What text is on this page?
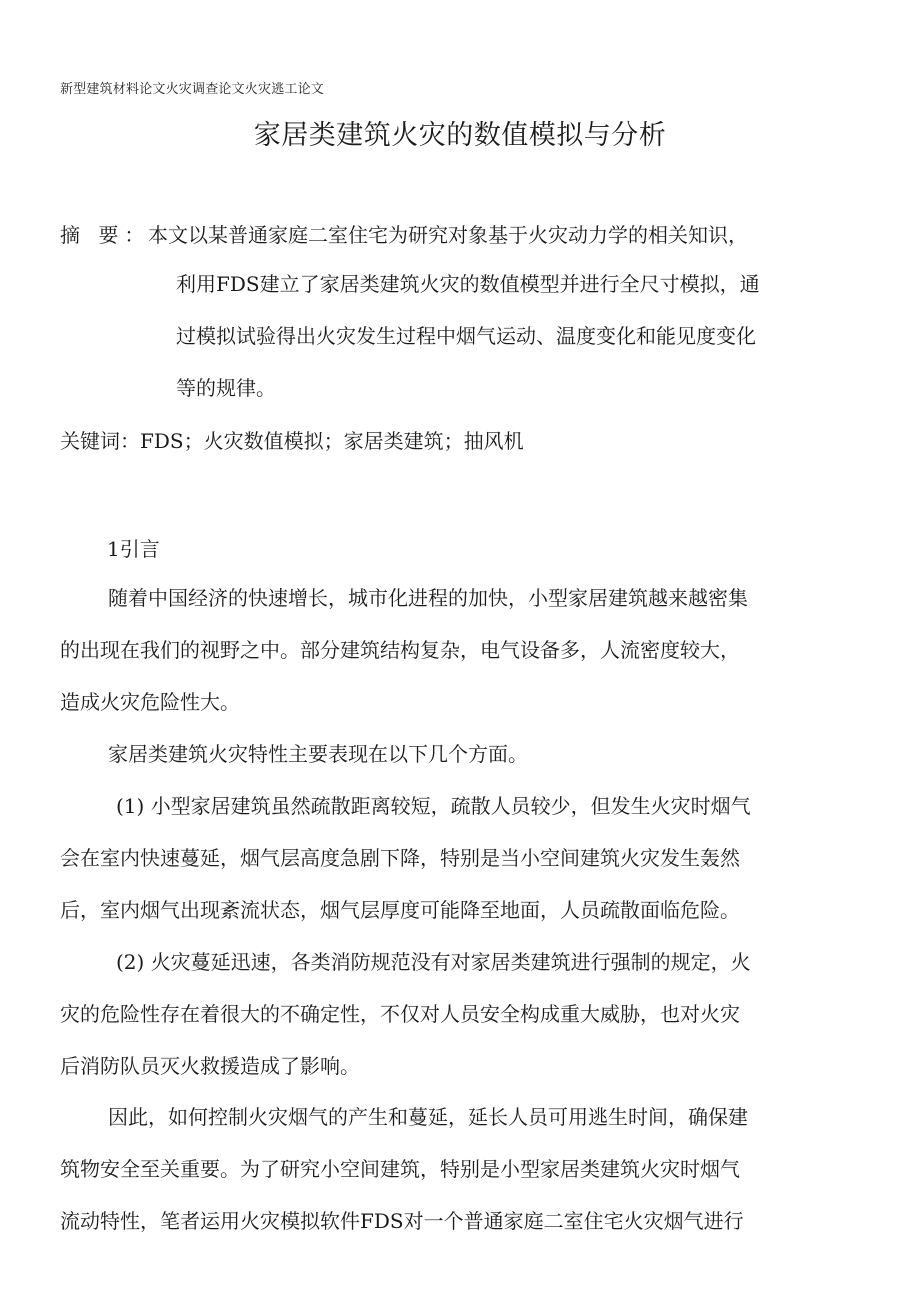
新型建筑材料论文火灾调查论文火灾逃工论文
家居类建筑火灾的数值模拟与分析
摘 要：
本文以某普通家庭二室住宅为研究对象基于火灾动力学的相关知识，
利用FDS建立了家居类建筑火灾的数值模型并进行全尺寸模拟，通
过模拟试验得出火灾发生过程中烟气运动、温度变化和能见度变化
等的规律。
关键词：FDS；火灾数值模拟；家居类建筑；抽风机
1引言
随着中国经济的快速增长，城市化进程的加快，小型家居建筑越来越密集
的出现在我们的视野之中。部分建筑结构复杂，电气设备多，人流密度较大，
造成火灾危险性大。
家居类建筑火灾特性主要表现在以下几个方面。
(1) 小型家居建筑虽然疏散距离较短，疏散人员较少，但发生火灾时烟气
会在室内快速蔓延，烟气层高度急剧下降，特别是当小空间建筑火灾发生轰然
后，室内烟气出现紊流状态，烟气层厚度可能降至地面，人员疏散面临危险。
(2) 火灾蔓延迅速，各类消防规范没有对家居类建筑进行强制的规定，火
灾的危险性存在着很大的不确定性，不仅对人员安全构成重大威胁，也对火灾
后消防队员灭火救援造成了影响。
因此，如何控制火灾烟气的产生和蔓延，延长人员可用逃生时间，确保建
筑物安全至关重要。为了研究小空间建筑，特别是小型家居类建筑火灾时烟气
流动特性，笔者运用火灾模拟软件FDS对一个普通家庭二室住宅火灾烟气进行
